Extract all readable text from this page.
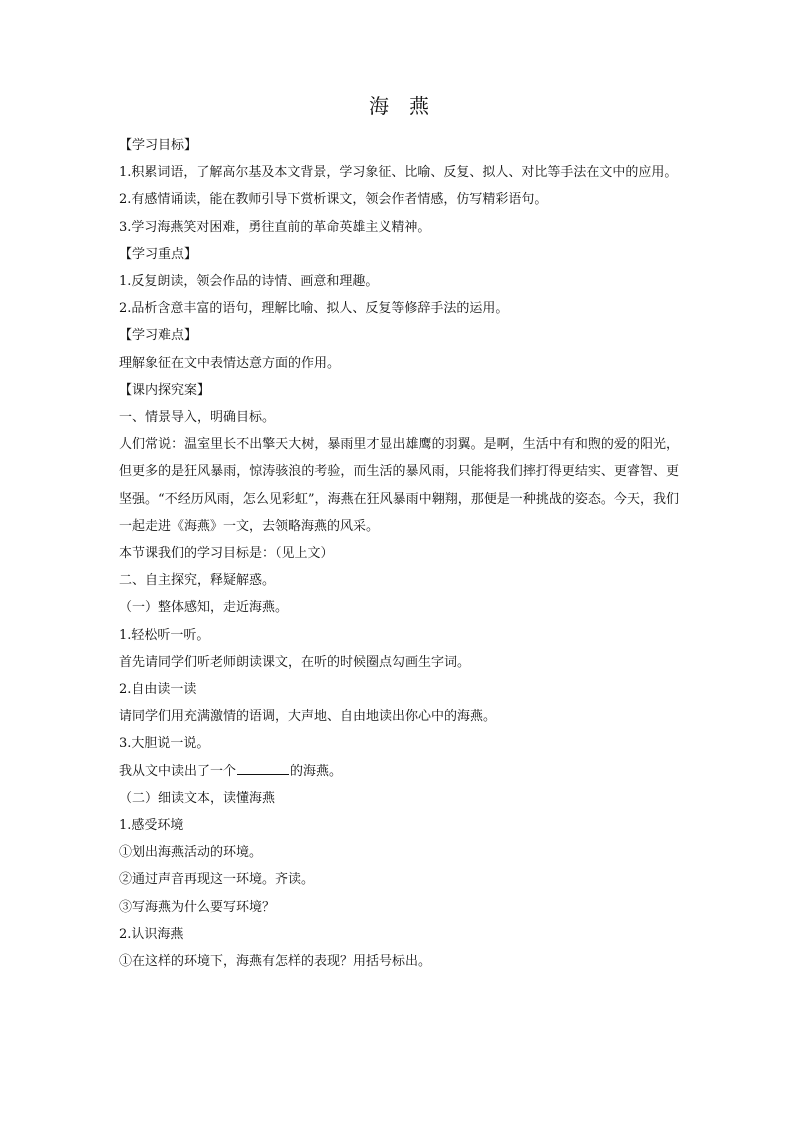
海 燕
【学习目标】
1.积累词语，了解高尔基及本文背景，学习象征、比喻、反复、拟人、对比等手法在文中的应用。
2.有感情诵读，能在教师引导下赏析课文，领会作者情感，仿写精彩语句。
3.学习海燕笑对困难，勇往直前的革命英雄主义精神。
【学习重点】
1.反复朗读，领会作品的诗情、画意和理趣。
2.品析含意丰富的语句，理解比喻、拟人、反复等修辞手法的运用。
【学习难点】
理解象征在文中表情达意方面的作用。
【课内探究案】
一、情景导入，明确目标。
人们常说：温室里长不出擎天大树，暴雨里才显出雄鹰的羽翼。是啊，生活中有和煦的爱的阳光，但更多的是狂风暴雨，惊涛骇浪的考验，而生活的暴风雨，只能将我们摔打得更结实、更睿智、更坚强。“不经历风雨，怎么见彩虹”，海燕在狂风暴雨中翱翔，那便是一种挑战的姿态。今天，我们一起走进《海燕》一文，去领略海燕的风采。
本节课我们的学习目标是：（见上文）
二、自主探究，释疑解惑。
（一）整体感知，走近海燕。
1.轻松听一听。
首先请同学们听老师朗读课文，在听的时候圈点勾画生字词。
2.自由读一读
请同学们用充满激情的语调，大声地、自由地读出你心中的海燕。
3.大胆说一说。
我从文中读出了一个	的海燕。
（二）细读文本，读懂海燕
1.感受环境
①划出海燕活动的环境。
②通过声音再现这一环境。齐读。
③写海燕为什么要写环境？
2.认识海燕
①在这样的环境下，海燕有怎样的表现？用括号标出。
